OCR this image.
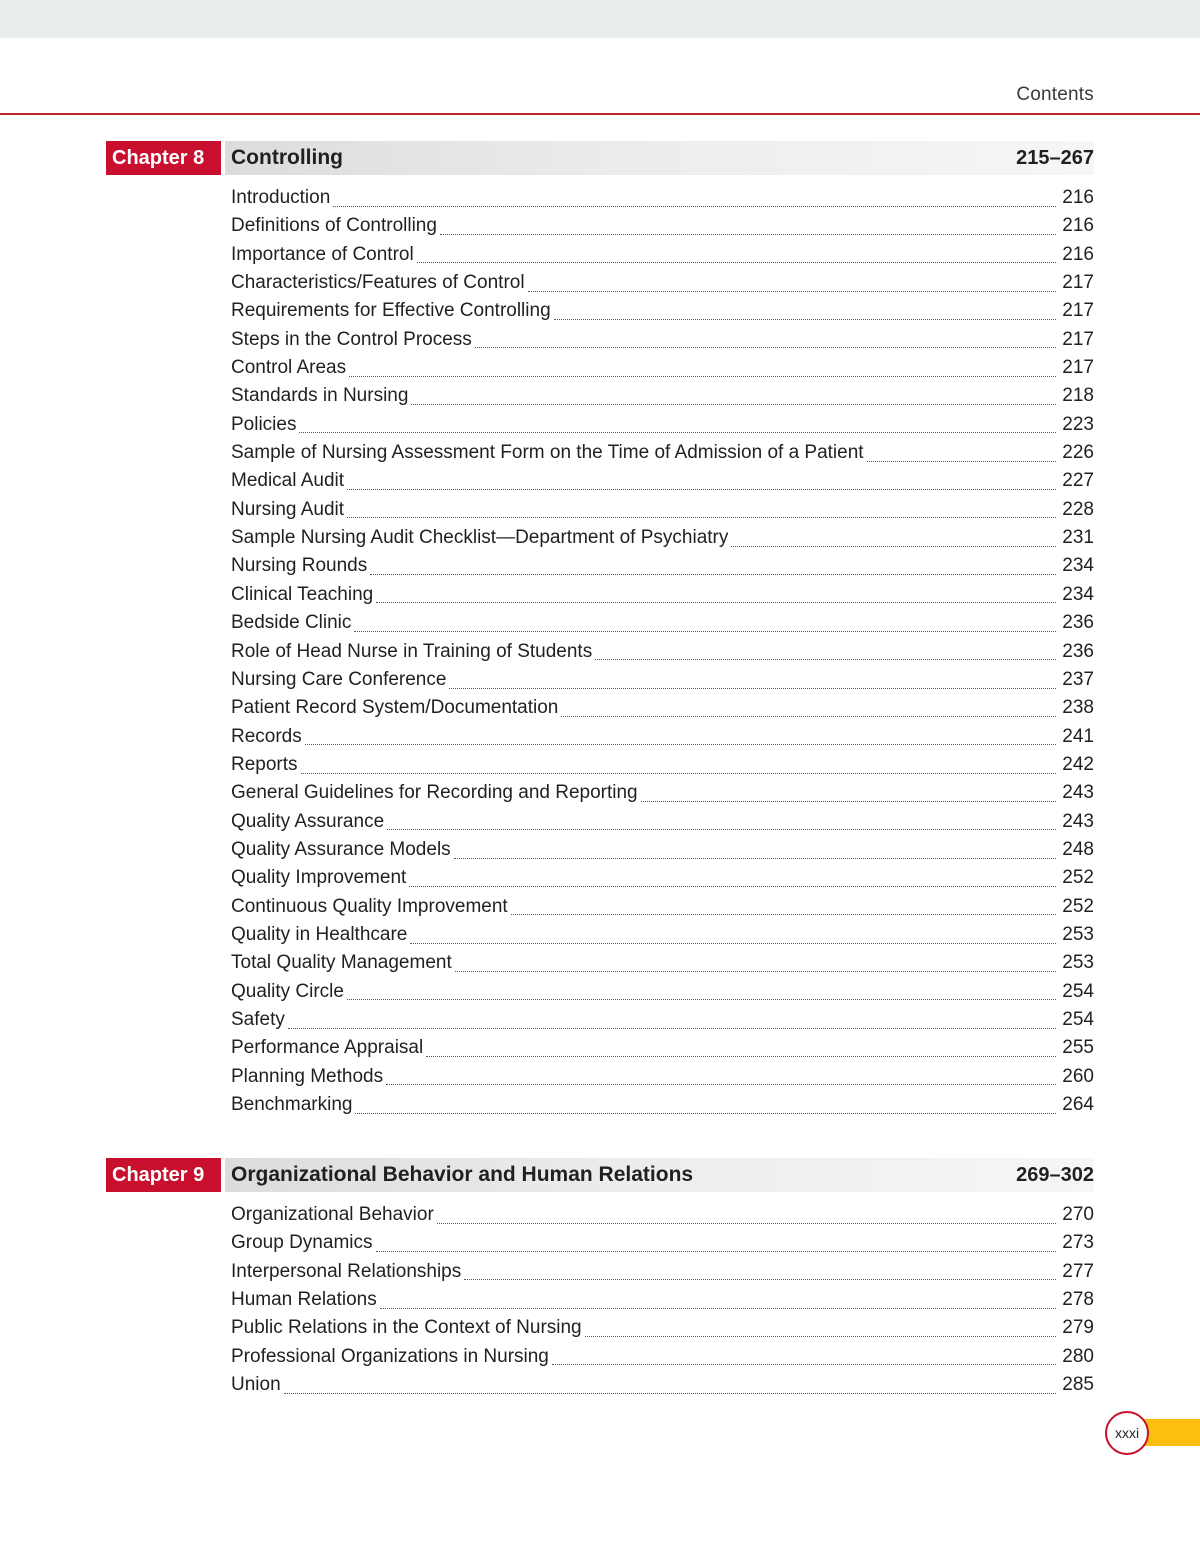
Contents
Chapter 8	Controlling	215–267
Introduction	216
Definitions of Controlling	216
Importance of Control	216
Characteristics/Features of Control	217
Requirements for Effective Controlling	217
Steps in the Control Process	217
Control Areas	217
Standards in Nursing	218
Policies	223
Sample of Nursing Assessment Form on the Time of Admission of a Patient	226
Medical Audit	227
Nursing Audit	228
Sample Nursing Audit Checklist—Department of Psychiatry	231
Nursing Rounds	234
Clinical Teaching	234
Bedside Clinic	236
Role of Head Nurse in Training of Students	236
Nursing Care Conference	237
Patient Record System/Documentation	238
Records	241
Reports	242
General Guidelines for Recording and Reporting	243
Quality Assurance	243
Quality Assurance Models	248
Quality Improvement	252
Continuous Quality Improvement	252
Quality in Healthcare	253
Total Quality Management	253
Quality Circle	254
Safety	254
Performance Appraisal	255
Planning Methods	260
Benchmarking	264
Chapter 9	Organizational Behavior and Human Relations	269–302
Organizational Behavior	270
Group Dynamics	273
Interpersonal Relationships	277
Human Relations	278
Public Relations in the Context of Nursing	279
Professional Organizations in Nursing	280
Union	285
xxxi
